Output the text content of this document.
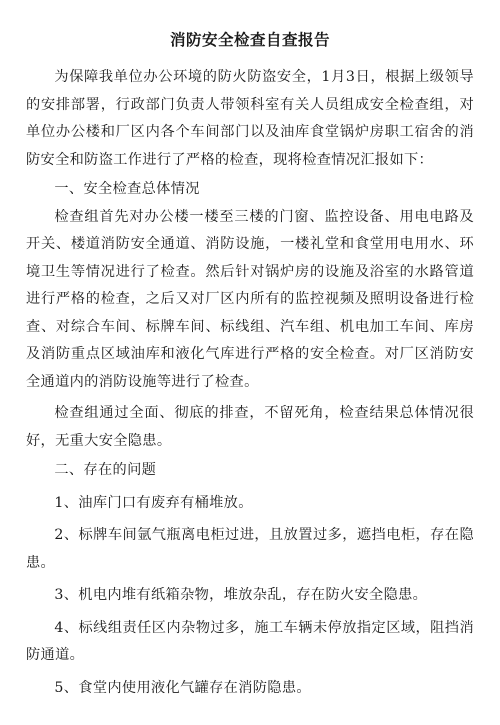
消防安全检查自查报告

为保障我单位办公环境的防火防盗安全，1月3日，根据上级领导的安排部署，行政部门负责人带领科室有关人员组成安全检查组，对单位办公楼和厂区内各个车间部门以及油库食堂锅炉房职工宿舍的消防安全和防盗工作进行了严格的检查，现将检查情况汇报如下：

一、安全检查总体情况

检查组首先对办公楼一楼至三楼的门窗、监控设备、用电电路及开关、楼道消防安全通道、消防设施，一楼礼堂和食堂用电用水、环境卫生等情况进行了检查。然后针对锅炉房的设施及浴室的水路管道进行严格的检查，之后又对厂区内所有的监控视频及照明设备进行检查、对综合车间、标牌车间、标线组、汽车组、机电加工车间、库房及消防重点区域油库和液化气库进行严格的安全检查。对厂区消防安全通道内的消防设施等进行了检查。

检查组通过全面、彻底的排查，不留死角，检查结果总体情况很好，无重大安全隐患。

二、存在的问题

1、油库门口有废弃有桶堆放。

2、标牌车间氩气瓶离电柜过进，且放置过多，遮挡电柜，存在隐患。

3、机电内堆有纸箱杂物，堆放杂乱，存在防火安全隐患。

4、标线组责任区内杂物过多，施工车辆未停放指定区域，阻挡消防通道。

5、食堂内使用液化气罐存在消防隐患。
